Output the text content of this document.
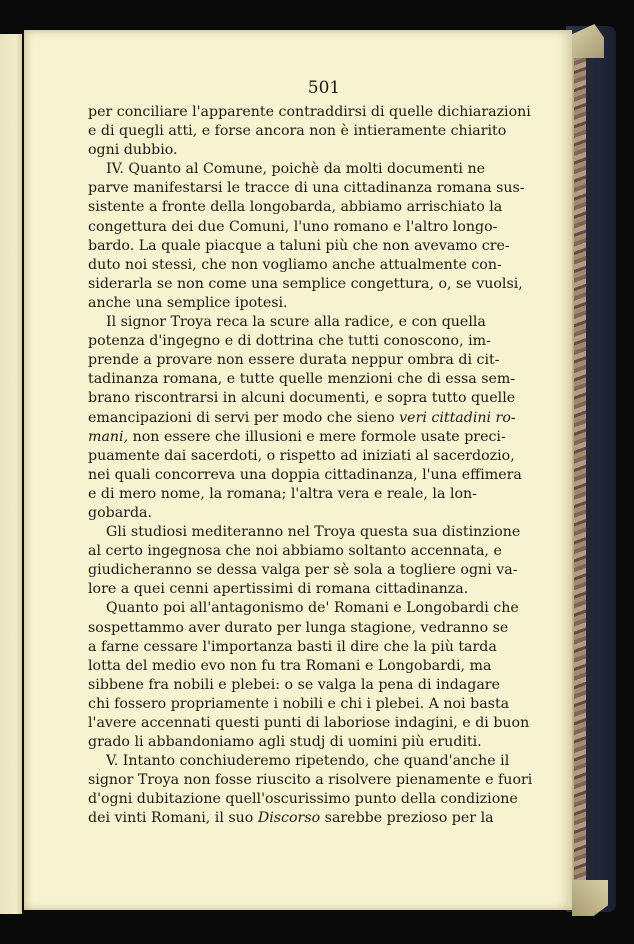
501
per conciliare l'apparente contraddirsi di quelle dichiarazioni
e di quegli atti, e forse ancora non è intieramente chiarito
ogni dubbio.
IV. Quanto al Comune, poichè da molti documenti ne
parve manifestarsi le tracce di una cittadinanza romana sus-
sistente a fronte della longobarda, abbiamo arrischiato la
congettura dei due Comuni, l'uno romano e l'altro longo-
bardo. La quale piacque a taluni più che non avevamo cre-
duto noi stessi, che non vogliamo anche attualmente con-
siderarla se non come una semplice congettura, o, se vuolsi,
anche una semplice ipotesi.
Il signor Troya reca la scure alla radice, e con quella
potenza d'ingegno e di dottrina che tutti conoscono, im-
prende a provare non essere durata neppur ombra di cit-
tadinanza romana, e tutte quelle menzioni che di essa sem-
brano riscontrarsi in alcuni documenti, e sopra tutto quelle
emancipazioni di servi per modo che sieno veri cittadini ro-
mani, non essere che illusioni e mere formole usate preci-
puamente dai sacerdoti, o rispetto ad iniziati al sacerdozio,
nei quali concorreva una doppia cittadinanza, l'una effimera
e di mero nome, la romana; l'altra vera e reale, la lon-
gobarda.
Gli studiosi mediteranno nel Troya questa sua distinzione
al certo ingegnosa che noi abbiamo soltanto accennata, e
giudicheranno se dessa valga per sè sola a togliere ogni va-
lore a quei cenni apertissimi di romana cittadinanza.
Quanto poi all'antagonismo de' Romani e Longobardi che
sospettammo aver durato per lunga stagione, vedranno se
a farne cessare l'importanza basti il dire che la più tarda
lotta del medio evo non fu tra Romani e Longobardi, ma
sibbene fra nobili e plebei: o se valga la pena di indagare
chi fossero propriamente i nobili e chi i plebei. A noi basta
l'avere accennati questi punti di laboriose indagini, e di buon
grado li abbandoniamo agli studj di uomini più eruditi.
V. Intanto conchiuderemo ripetendo, che quand'anche il
signor Troya non fosse riuscito a risolvere pienamente e fuori
d'ogni dubitazione quell'oscurissimo punto della condizione
dei vinti Romani, il suo Discorso sarebbe prezioso per la
